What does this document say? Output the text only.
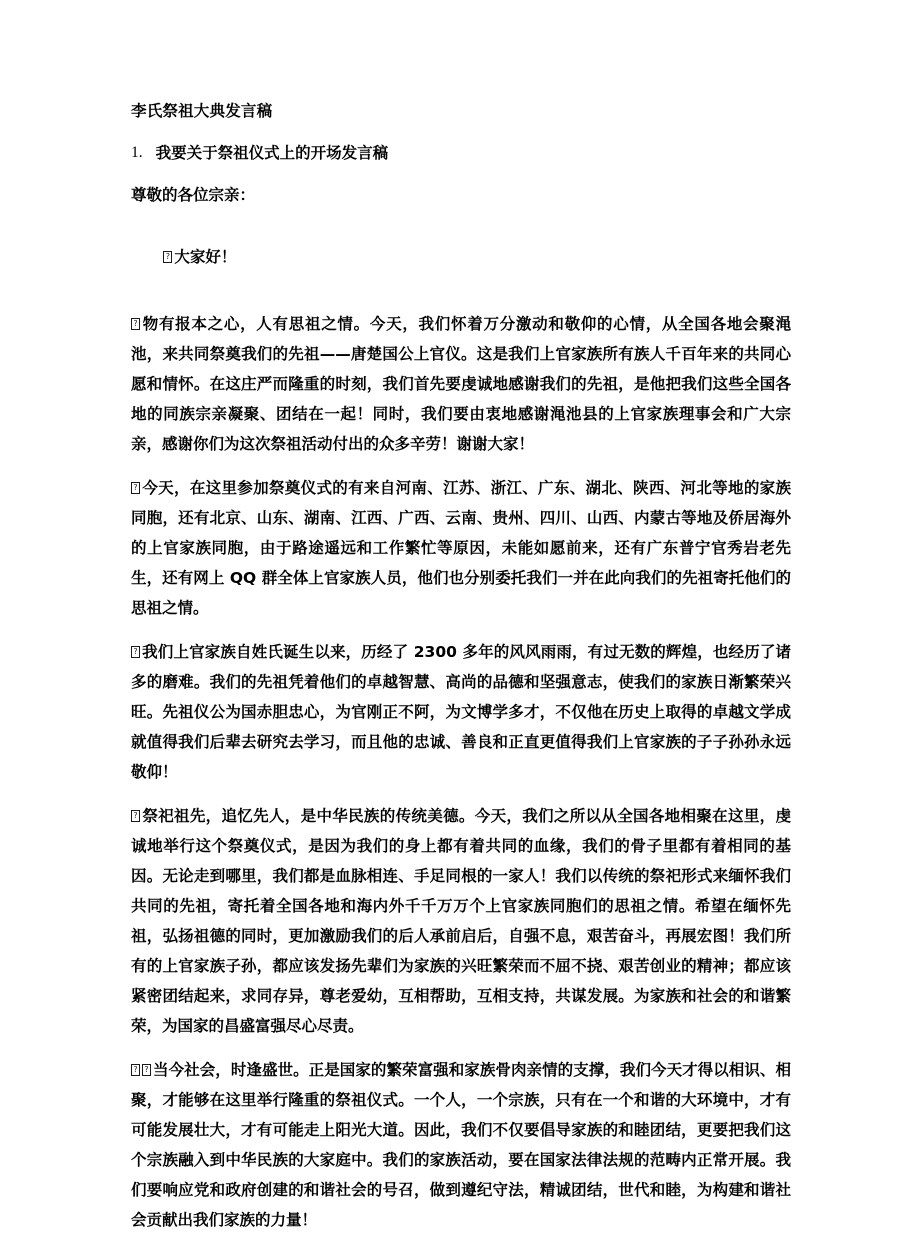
李氏祭祖大典发言稿
1. 我要关于祭祖仪式上的开场发言稿
尊敬的各位宗亲：

?大家好！

?物有报本之心，人有思祖之情。今天，我们怀着万分激动和敬仰的心情，从全国各地会聚渑池，来共同祭奠我们的先祖——唐楚国公上官仪。这是我们上官家族所有族人千百年来的共同心愿和情怀。在这庄严而隆重的时刻，我们首先要虔诚地感谢我们的先祖，是他把我们这些全国各地的同族宗亲凝聚、团结在一起！同时，我们要由衷地感谢渑池县的上官家族理事会和广大宗亲，感谢你们为这次祭祖活动付出的众多辛劳！谢谢大家！
?今天，在这里参加祭奠仪式的有来自河南、江苏、浙江、广东、湖北、陕西、河北等地的家族同胞，还有北京、山东、湖南、江西、广西、云南、贵州、四川、山西、内蒙古等地及侨居海外的上官家族同胞，由于路途遥远和工作繁忙等原因，未能如愿前来，还有广东普宁官秀岩老先生，还有网上 QQ 群全体上官家族人员，他们也分别委托我们一并在此向我们的先祖寄托他们的思祖之情。
?我们上官家族自姓氏诞生以来，历经了 2300 多年的风风雨雨，有过无数的辉煌，也经历了诸多的磨难。我们的先祖凭着他们的卓越智慧、高尚的品德和坚强意志，使我们的家族日渐繁荣兴旺。先祖仪公为国赤胆忠心，为官刚正不阿，为文博学多才，不仅他在历史上取得的卓越文学成就值得我们后辈去研究去学习，而且他的忠诚、善良和正直更值得我们上官家族的子子孙孙永远敬仰！
?祭祀祖先，追忆先人，是中华民族的传统美德。今天，我们之所以从全国各地相聚在这里，虔诚地举行这个祭奠仪式，是因为我们的身上都有着共同的血缘，我们的骨子里都有着相同的基因。无论走到哪里，我们都是血脉相连、手足同根的一家人！我们以传统的祭祀形式来缅怀我们共同的先祖，寄托着全国各地和海内外千千万万个上官家族同胞们的思祖之情。希望在缅怀先祖，弘扬祖德的同时，更加激励我们的后人承前启后，自强不息，艰苦奋斗，再展宏图！我们所有的上官家族子孙，都应该发扬先辈们为家族的兴旺繁荣而不屈不挠、艰苦创业的精神；都应该紧密团结起来，求同存异，尊老爱幼，互相帮助，互相支持，共谋发展。为家族和社会的和谐繁荣，为国家的昌盛富强尽心尽责。
? ?当今社会，时逢盛世。正是国家的繁荣富强和家族骨肉亲情的支撑，我们今天才得以相识、相聚，才能够在这里举行隆重的祭祖仪式。一个人，一个宗族，只有在一个和谐的大环境中，才有可能发展壮大，才有可能走上阳光大道。因此，我们不仅要倡导家族的和睦团结，更要把我们这个宗族融入到中华民族的大家庭中。我们的家族活动，要在国家法律法规的范畴内正常开展。我们要响应党和政府创建的和谐社会的号召，做到遵纪守法，精诚团结，世代和睦，为构建和谐社会贡献出我们家族的力量！
